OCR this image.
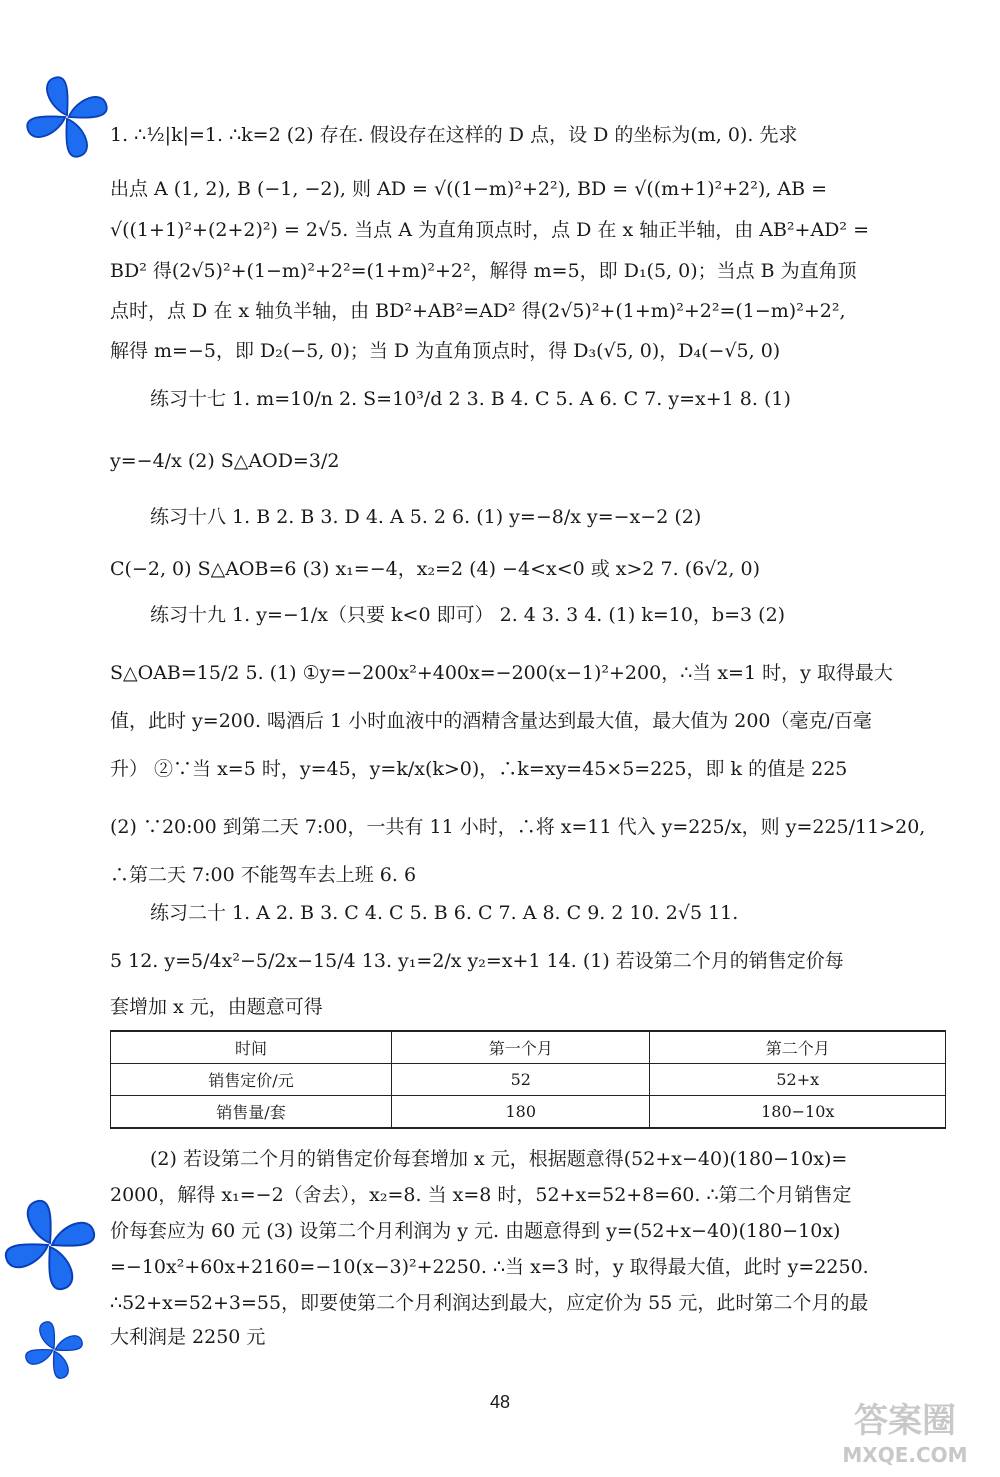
1. ∴½|k|=1. ∴k=2 (2) 存在. 假设存在这样的 D 点，设 D 的坐标为(m, 0). 先求
出点 A (1, 2), B (−1, −2), 则 AD = √((1−m)²+2²), BD = √((m+1)²+2²), AB =
√((1+1)²+(2+2)²) = 2√5. 当点 A 为直角顶点时，点 D 在 x 轴正半轴，由 AB²+AD² =
BD² 得(2√5)²+(1−m)²+2²=(1+m)²+2²，解得 m=5，即 D₁(5, 0)；当点 B 为直角顶
点时，点 D 在 x 轴负半轴，由 BD²+AB²=AD² 得(2√5)²+(1+m)²+2²=(1−m)²+2²,
解得 m=−5，即 D₂(−5, 0)；当 D 为直角顶点时，得 D₃(√5, 0)，D₄(−√5, 0)
练习十七 1. m=10/n 2. S=10³/d 2 3. B 4. C 5. A 6. C 7. y=x+1 8. (1)
y=−4/x (2) S△AOD=3/2
练习十八 1. B 2. B 3. D 4. A 5. 2 6. (1) y=−8/x y=−x−2 (2)
C(−2, 0) S△AOB=6 (3) x₁=−4，x₂=2 (4) −4<x<0 或 x>2 7. (6√2, 0)
练习十九 1. y=−1/x（只要 k<0 即可） 2. 4 3. 3 4. (1) k=10，b=3 (2)
S△OAB=15/2 5. (1) ①y=−200x²+400x=−200(x−1)²+200，∴当 x=1 时，y 取得最大
值，此时 y=200. 喝酒后 1 小时血液中的酒精含量达到最大值，最大值为 200（毫克/百毫
升） ②∵当 x=5 时，y=45，y=k/x(k>0)，∴k=xy=45×5=225，即 k 的值是 225
(2) ∵20:00 到第二天 7:00，一共有 11 小时，∴将 x=11 代入 y=225/x，则 y=225/11>20,
∴第二天 7:00 不能驾车去上班 6. 6
练习二十 1. A 2. B 3. C 4. C 5. B 6. C 7. A 8. C 9. 2 10. 2√5 11.
5 12. y=5/4x²−5/2x−15/4 13. y₁=2/x y₂=x+1 14. (1) 若设第二个月的销售定价每
套增加 x 元，由题意可得
时间	第一个月	第二个月
销售定价/元	52	52+x
销售量/套	180	180−10x
(2) 若设第二个月的销售定价每套增加 x 元，根据题意得(52+x−40)(180−10x)=
2000，解得 x₁=−2（舍去），x₂=8. 当 x=8 时，52+x=52+8=60. ∴第二个月销售定
价每套应为 60 元 (3) 设第二个月利润为 y 元. 由题意得到 y=(52+x−40)(180−10x)
=−10x²+60x+2160=−10(x−3)²+2250. ∴当 x=3 时，y 取得最大值，此时 y=2250.
∴52+x=52+3=55，即要使第二个月利润达到最大，应定价为 55 元，此时第二个月的最
大利润是 2250 元
48	答案圈
MXQE.COM
